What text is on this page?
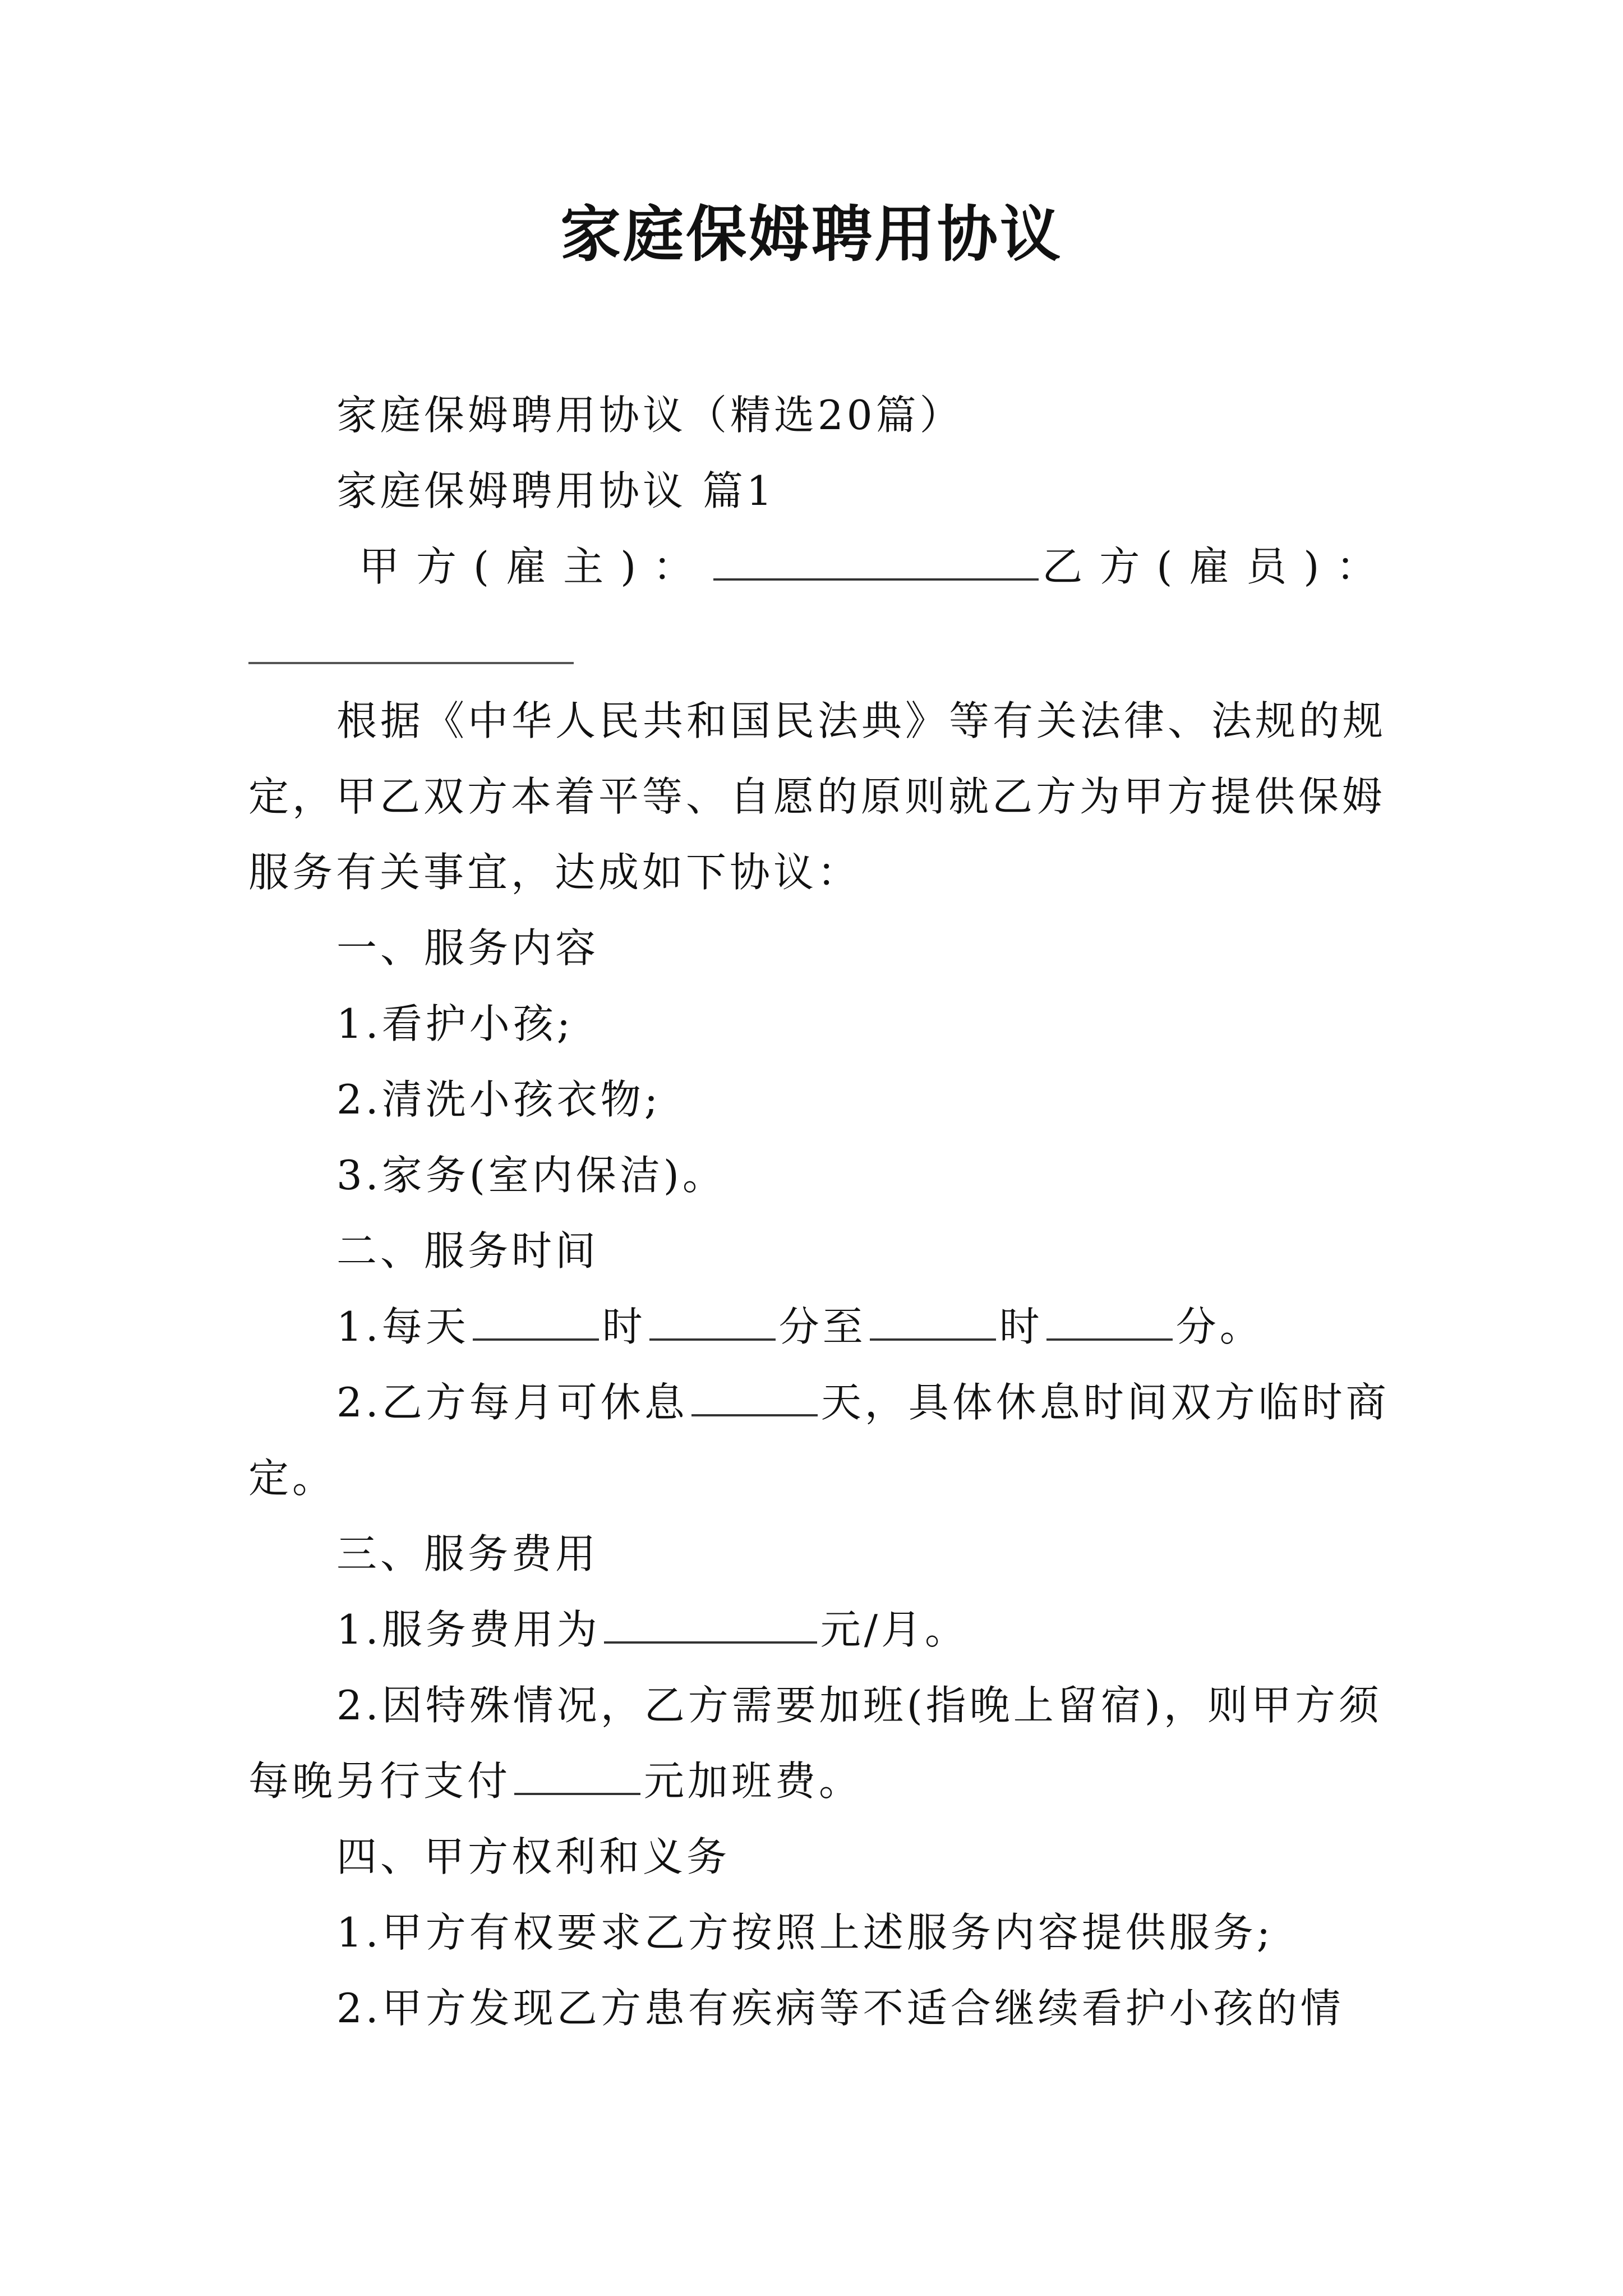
家庭保姆聘用协议
家庭保姆聘用协议（精选20篇）
家庭保姆聘用协议 篇1
甲方(雇主)：	乙方(雇员)：
根据《中华人民共和国民法典》等有关法律、法规的规
定，甲乙双方本着平等、自愿的原则就乙方为甲方提供保姆
服务有关事宜，达成如下协议：
一、服务内容
1.看护小孩;
2.清洗小孩衣物;
3.家务(室内保洁)。
二、服务时间
1.每天	时	分至	时	分。
2.乙方每月可休息	天，具体休息时间双方临时商
定。
三、服务费用
1.服务费用为	元/月。
2.因特殊情况，乙方需要加班(指晚上留宿)，则甲方须
每晚另行支付	元加班费。
四、甲方权利和义务
1.甲方有权要求乙方按照上述服务内容提供服务;
2.甲方发现乙方患有疾病等不适合继续看护小孩的情
